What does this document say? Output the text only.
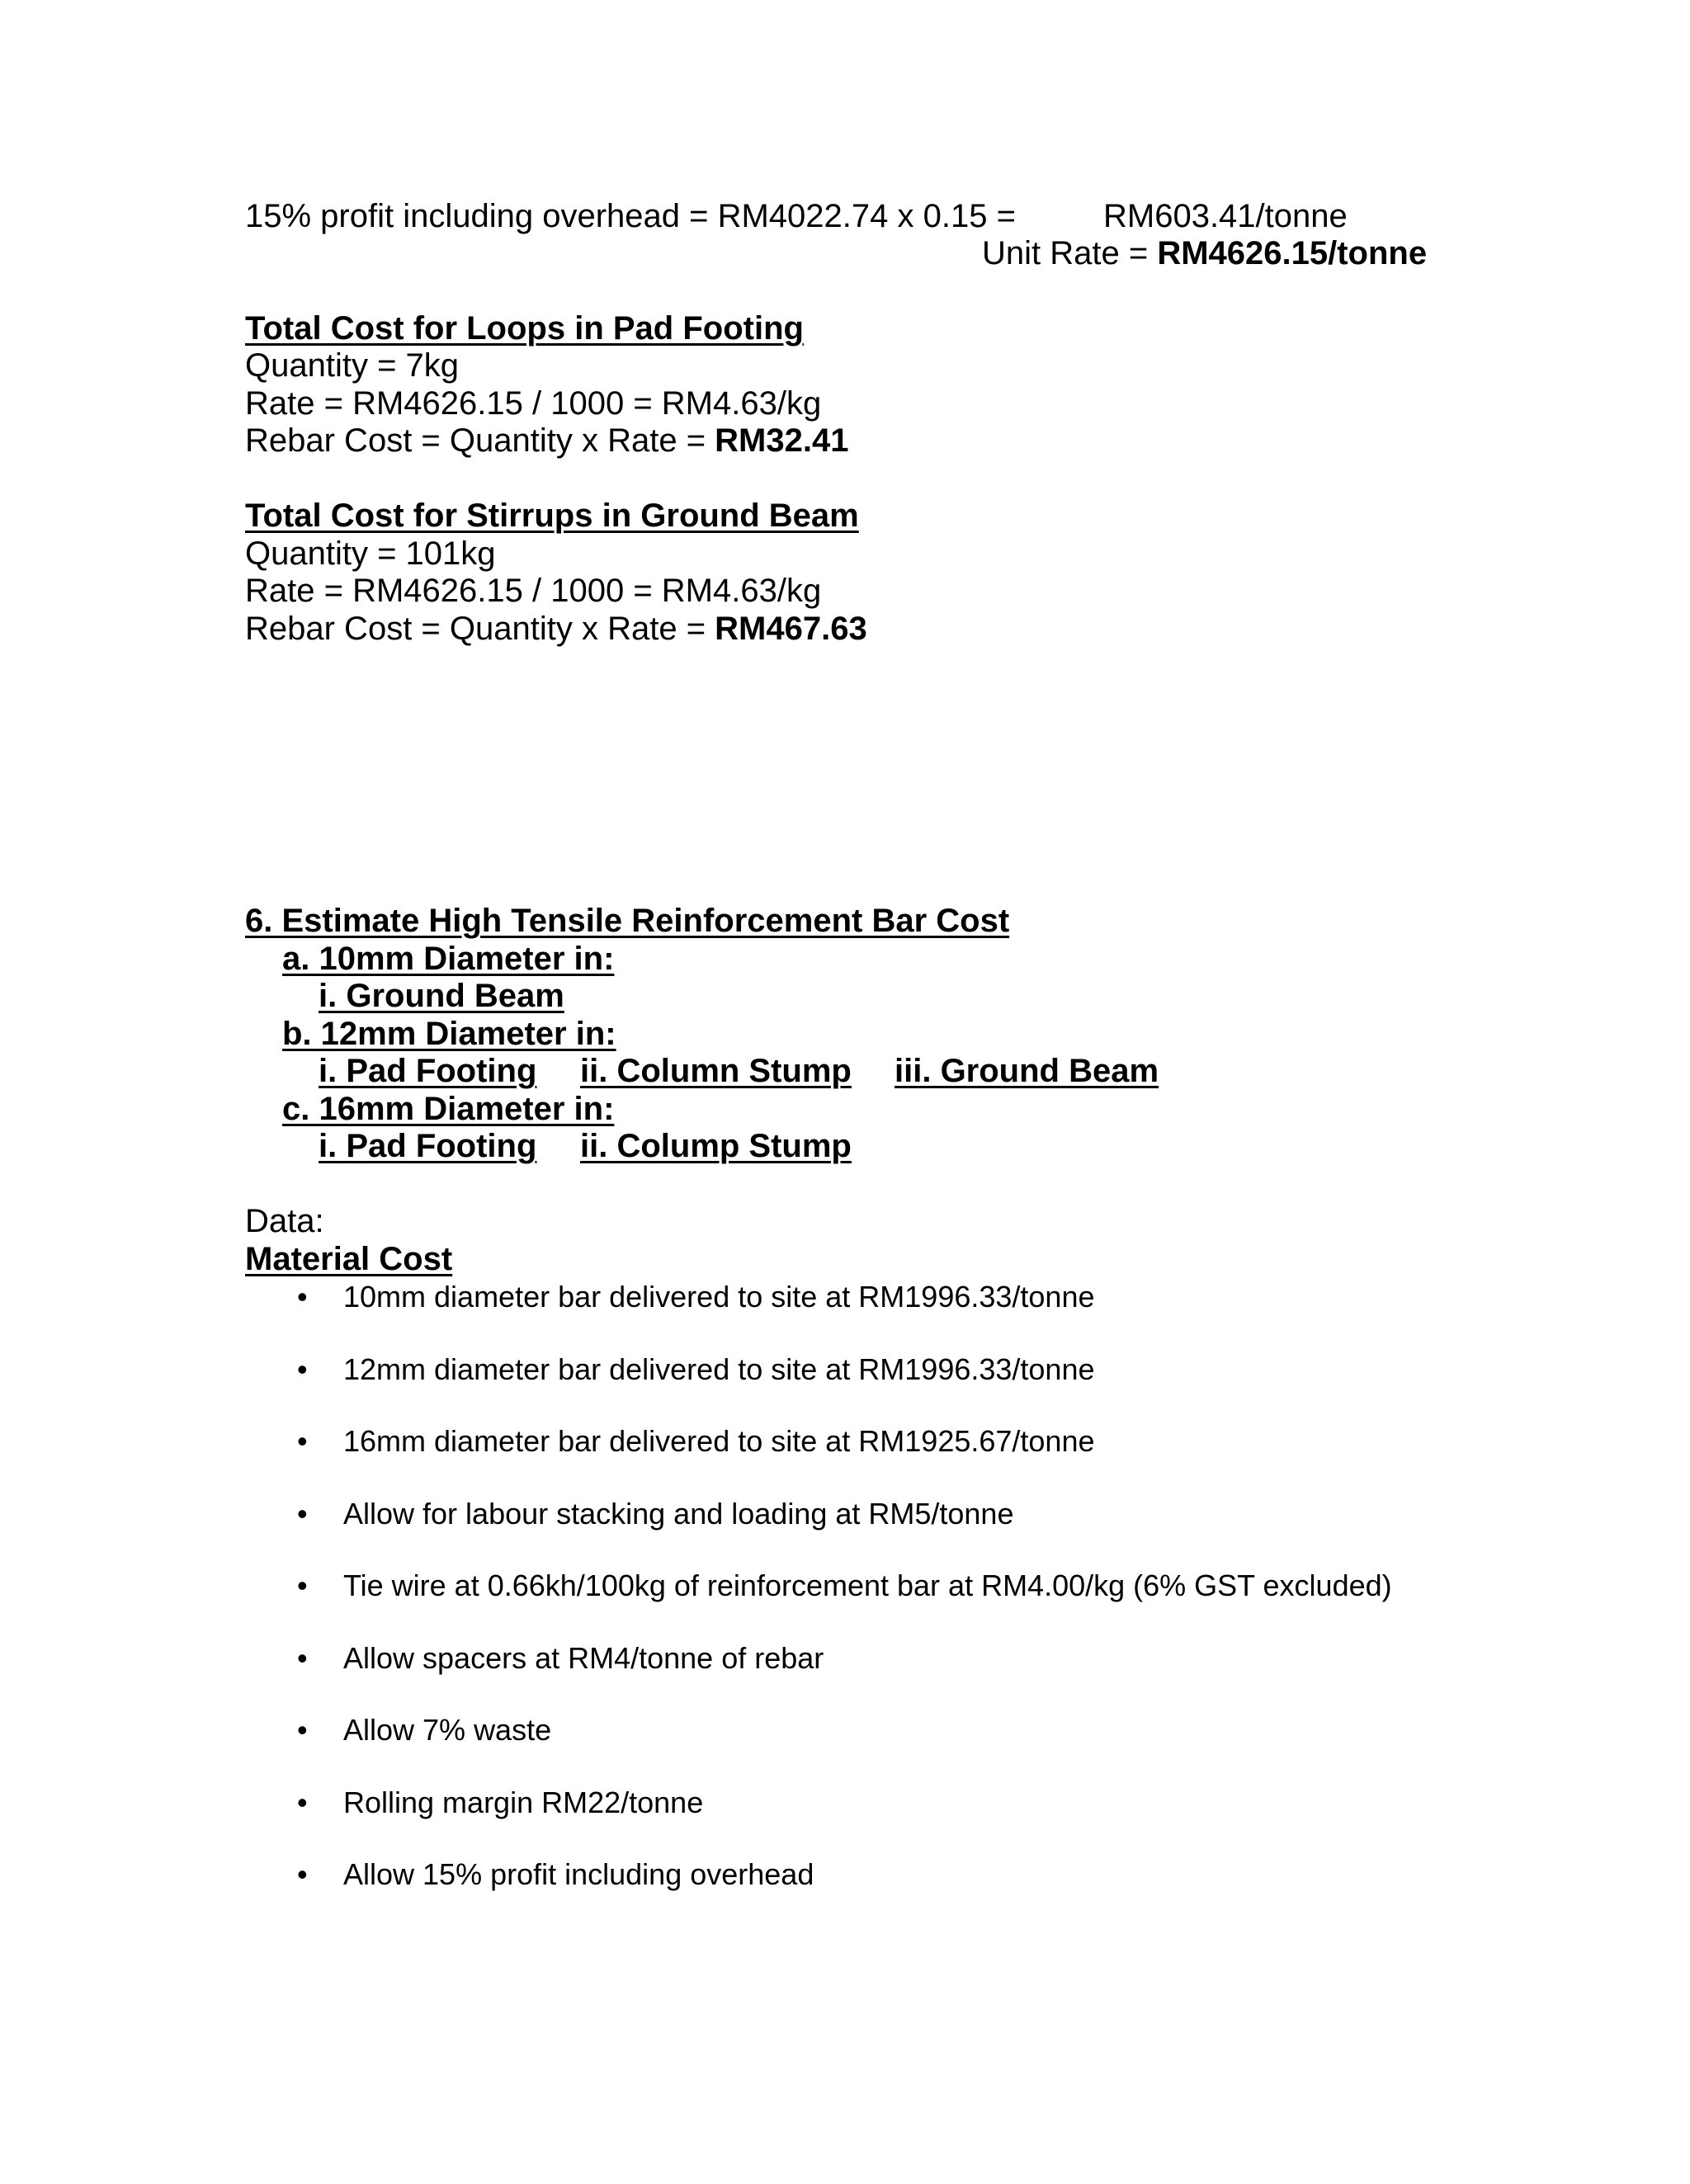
15% profit including overhead = RM4022.74 x 0.15 =	RM603.41/tonne
Unit Rate = RM4626.15/tonne
Total Cost for Loops in Pad Footing
Quantity = 7kg
Rate = RM4626.15 / 1000 = RM4.63/kg
Rebar Cost = Quantity x Rate = RM32.41
Total Cost for Stirrups in Ground Beam
Quantity = 101kg
Rate = RM4626.15 / 1000 = RM4.63/kg
Rebar Cost = Quantity x Rate = RM467.63
6. Estimate High Tensile Reinforcement Bar Cost
a. 10mm Diameter in:
i. Ground Beam
b. 12mm Diameter in:
i. Pad Footing ii. Column Stump iii. Ground Beam
c. 16mm Diameter in:
i. Pad Footing ii. Colump Stump
Data:
Material Cost
• 10mm diameter bar delivered to site at RM1996.33/tonne
• 12mm diameter bar delivered to site at RM1996.33/tonne
• 16mm diameter bar delivered to site at RM1925.67/tonne
• Allow for labour stacking and loading at RM5/tonne
• Tie wire at 0.66kh/100kg of reinforcement bar at RM4.00/kg (6% GST excluded)
• Allow spacers at RM4/tonne of rebar
• Allow 7% waste
• Rolling margin RM22/tonne
• Allow 15% profit including overhead
